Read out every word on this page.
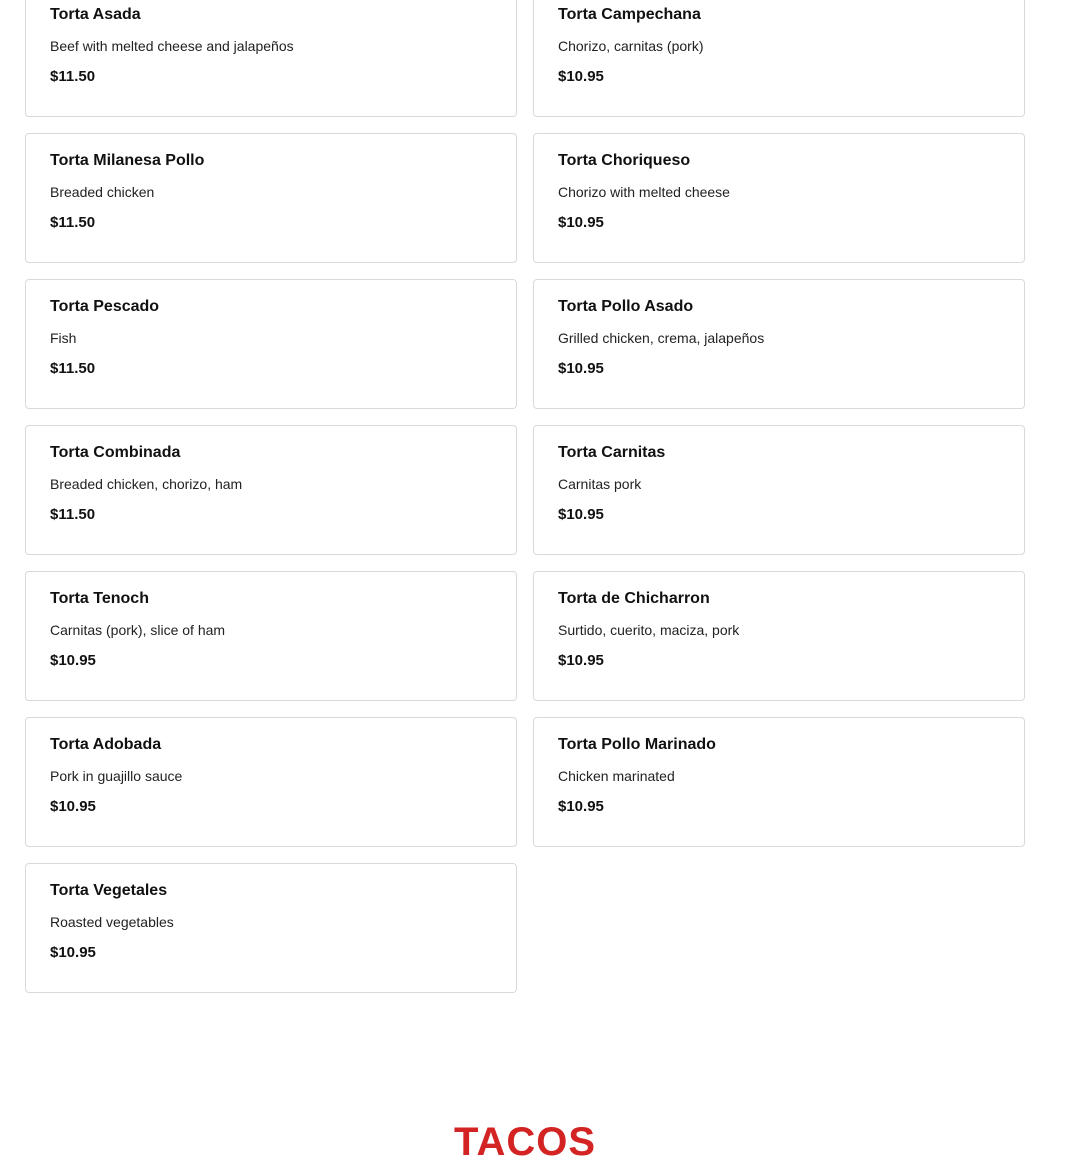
Torta Asada
Beef with melted cheese and jalapeños
$11.50
Torta Campechana
Chorizo, carnitas (pork)
$10.95
Torta Milanesa Pollo
Breaded chicken
$11.50
Torta Choriqueso
Chorizo with melted cheese
$10.95
Torta Pescado
Fish
$11.50
Torta Pollo Asado
Grilled chicken, crema, jalapeños
$10.95
Torta Combinada
Breaded chicken, chorizo, ham
$11.50
Torta Carnitas
Carnitas pork
$10.95
Torta Tenoch
Carnitas (pork), slice of ham
$10.95
Torta de Chicharron
Surtido, cuerito, maciza, pork
$10.95
Torta Adobada
Pork in guajillo sauce
$10.95
Torta Pollo Marinado
Chicken marinated
$10.95
Torta Vegetales
Roasted vegetables
$10.95
TACOS
